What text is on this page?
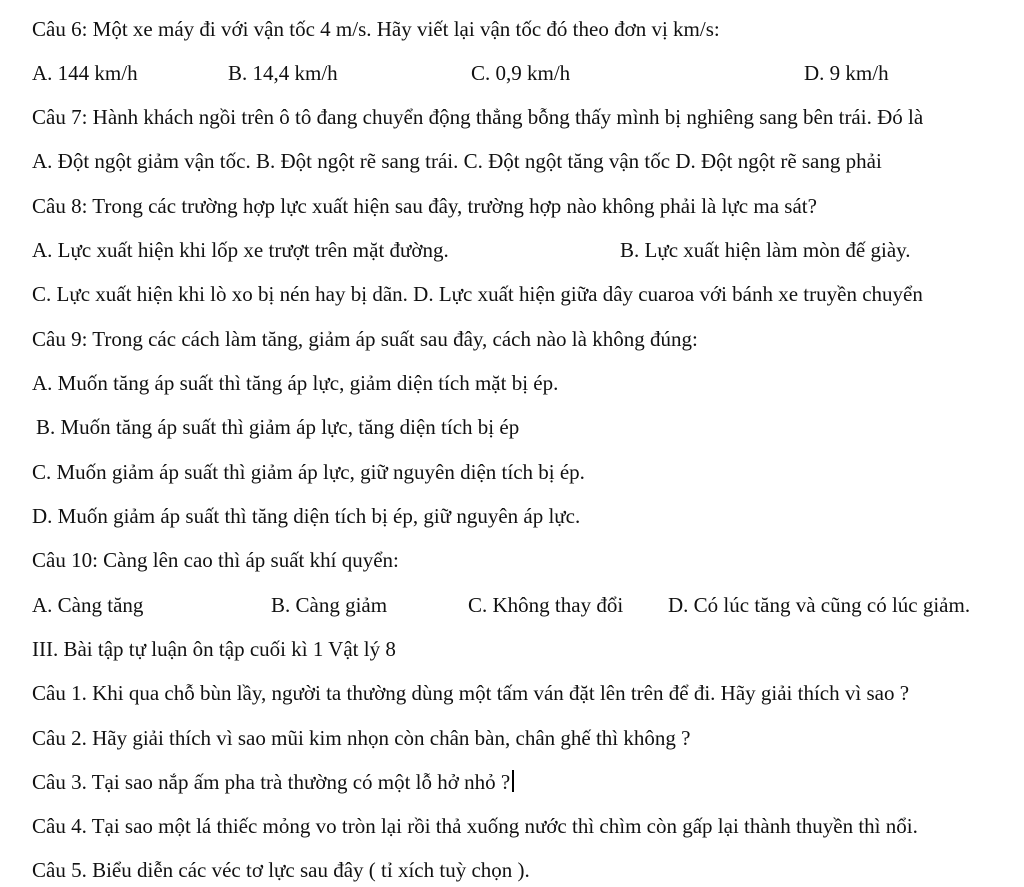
Câu 6: Một xe máy đi với vận tốc 4 m/s. Hãy viết lại vận tốc đó theo đơn vị km/s:
A. 144 km/h	B. 14,4 km/h	C. 0,9 km/h	D. 9 km/h
Câu 7: Hành khách ngồi trên ô tô đang chuyển động thẳng bỗng thấy mình bị nghiêng sang bên trái. Đó là
A. Đột ngột giảm vận tốc. B. Đột ngột rẽ sang trái. C. Đột ngột tăng vận tốc D. Đột ngột rẽ sang phải
Câu 8: Trong các trường hợp lực xuất hiện sau đây, trường hợp nào không phải là lực ma sát?
A. Lực xuất hiện khi lốp xe trượt trên mặt đường.	B. Lực xuất hiện làm mòn đế giày.
C. Lực xuất hiện khi lò xo bị nén hay bị dãn. D. Lực xuất hiện giữa dây cuaroa với bánh xe truyền chuyển
Câu 9: Trong các cách làm tăng, giảm áp suất sau đây, cách nào là không đúng:
A. Muốn tăng áp suất thì tăng áp lực, giảm diện tích mặt bị ép.
B. Muốn tăng áp suất thì giảm áp lực, tăng diện tích bị ép
C. Muốn giảm áp suất thì giảm áp lực, giữ nguyên diện tích bị ép.
D. Muốn giảm áp suất thì tăng diện tích bị ép, giữ nguyên áp lực.
Câu 10: Càng lên cao thì áp suất khí quyển:
A. Càng tăng	B. Càng giảm	C. Không thay đổi D. Có lúc tăng và cũng có lúc giảm.
III. Bài tập tự luận ôn tập cuối kì 1 Vật lý 8
Câu 1. Khi qua chỗ bùn lầy, người ta thường dùng một tấm ván đặt lên trên để đi. Hãy giải thích vì sao ?
Câu 2. Hãy giải thích vì sao mũi kim nhọn còn chân bàn, chân ghế thì không ?
Câu 3. Tại sao nắp ấm pha trà thường có một lỗ hở nhỏ ?
Câu 4. Tại sao một lá thiếc mỏng vo tròn lại rồi thả xuống nước thì chìm còn gấp lại thành thuyền thì nổi.
Câu 5. Biểu diễn các véc tơ lực sau đây ( tỉ xích tuỳ chọn ).
